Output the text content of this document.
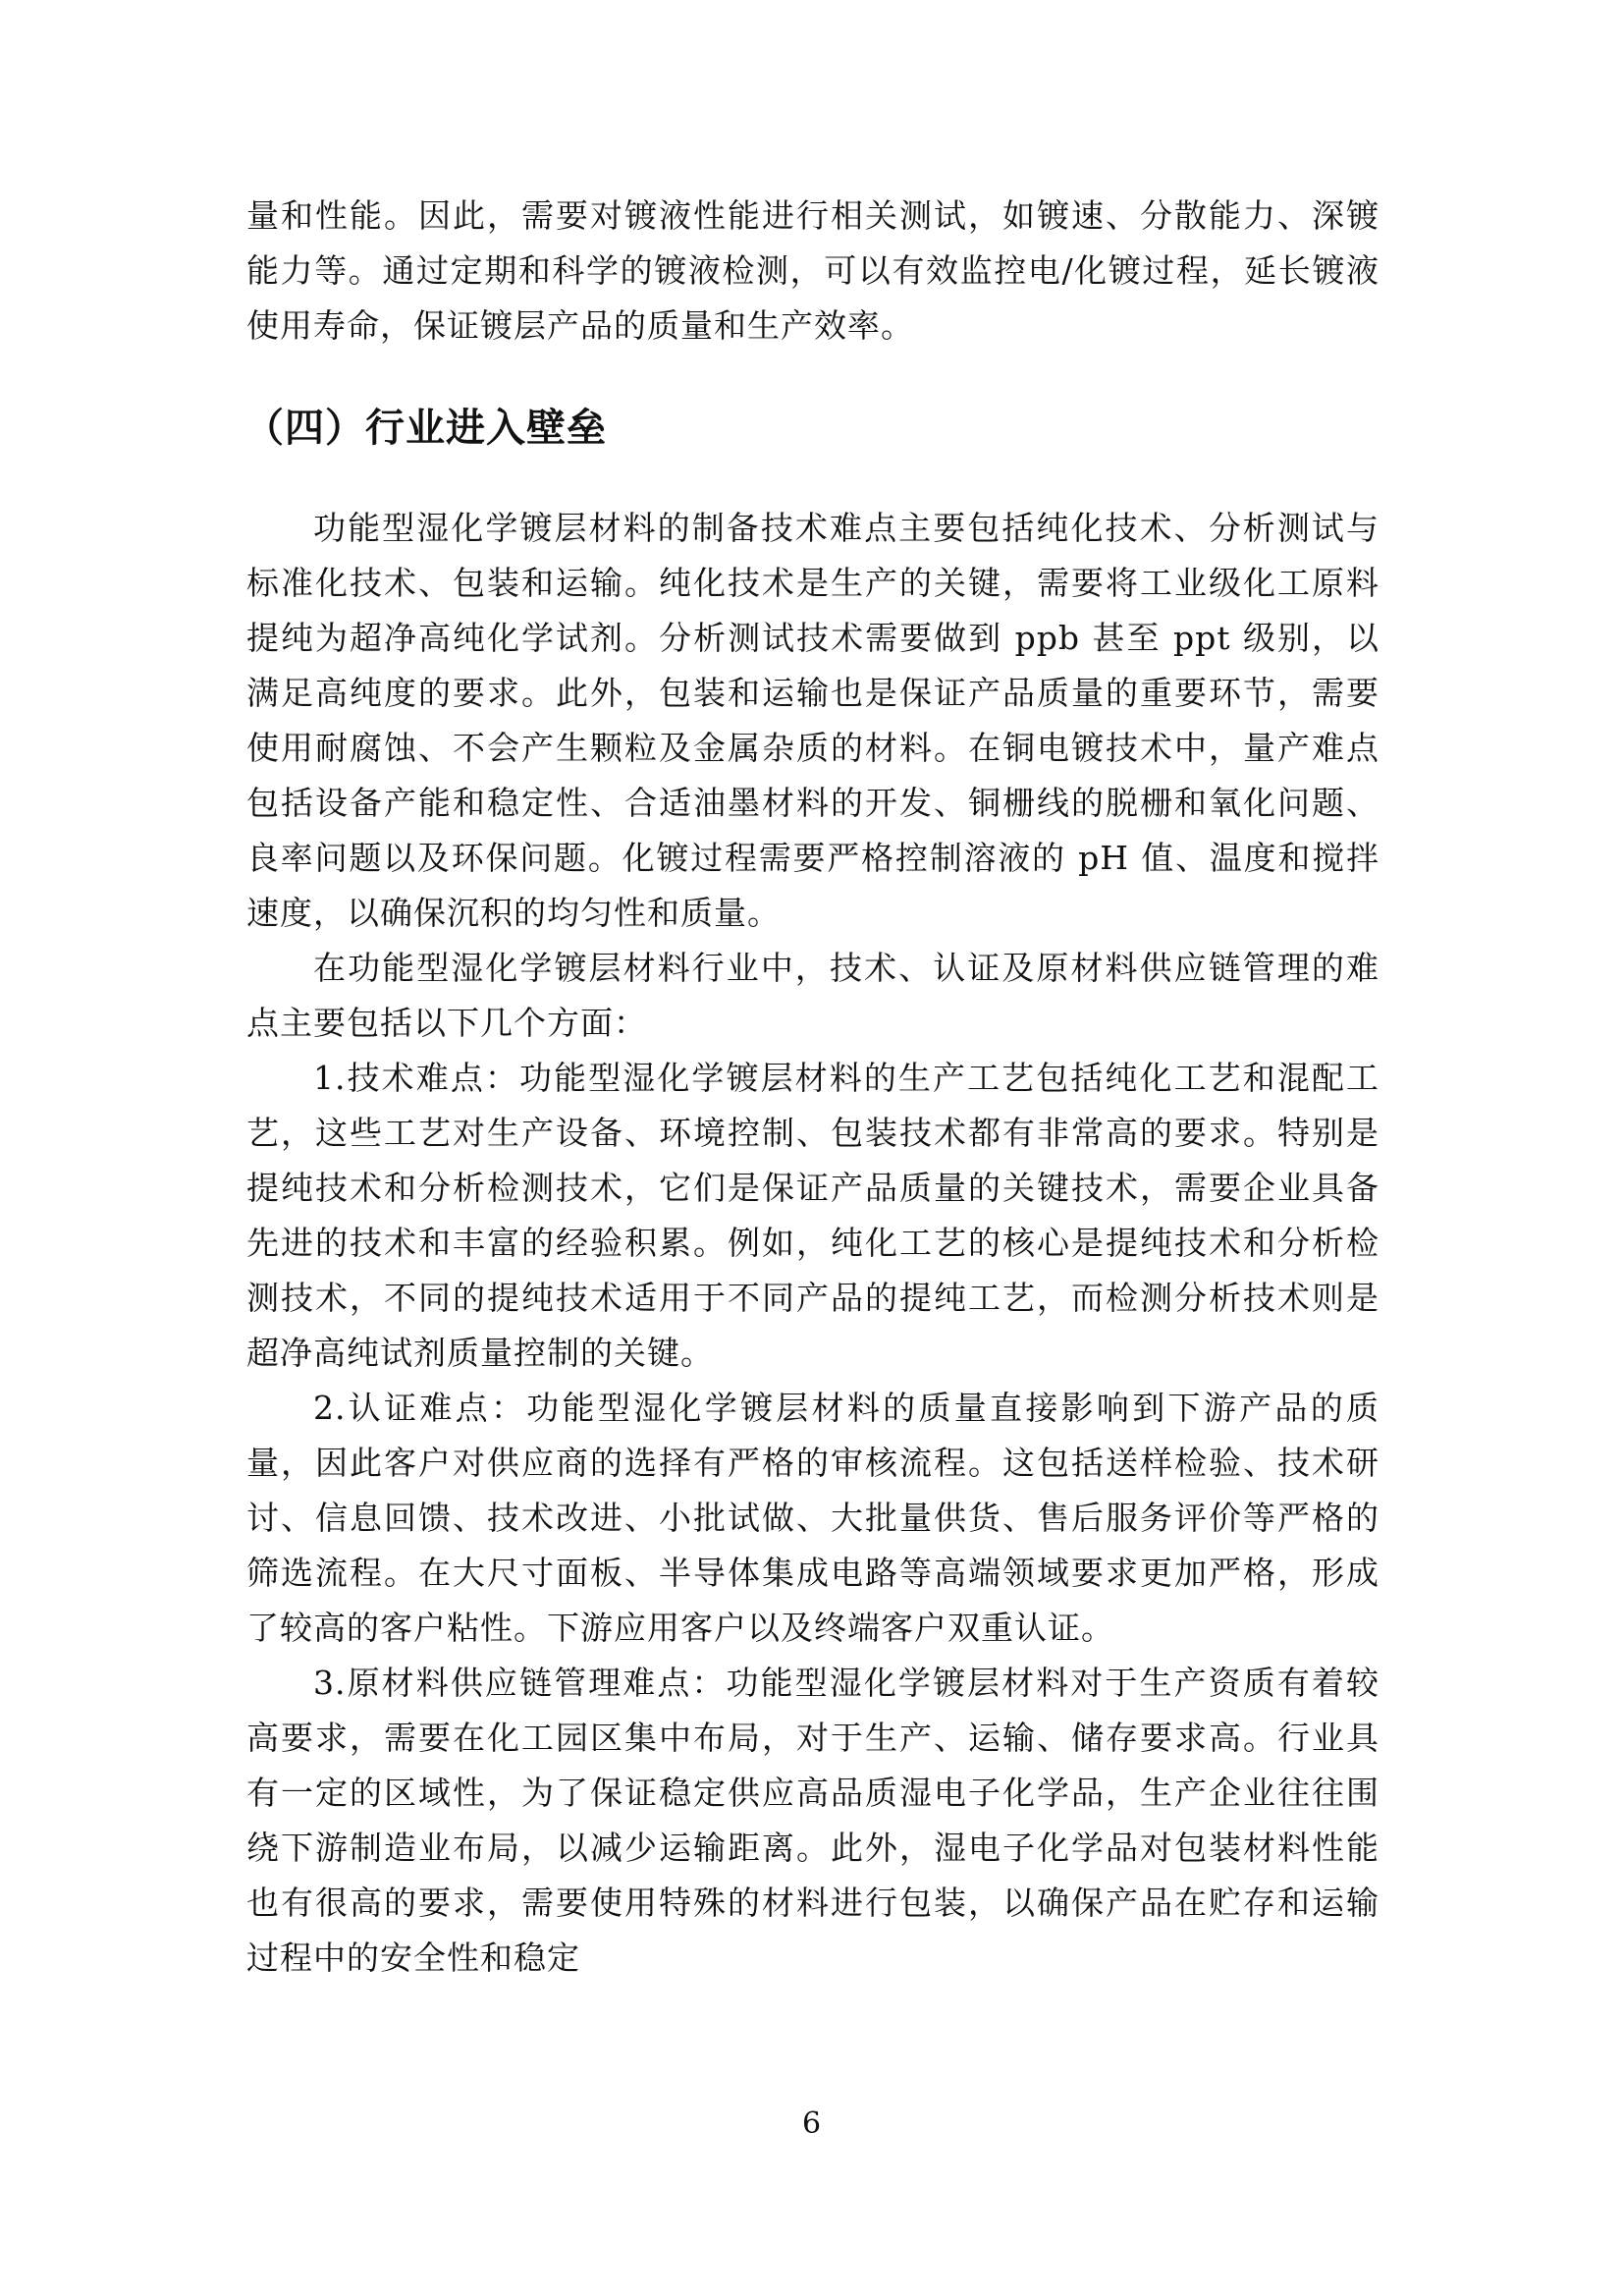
量和性能。因此，需要对镀液性能进行相关测试，如镀速、分散能力、深镀能力等。通过定期和科学的镀液检测，可以有效监控电/化镀过程，延长镀液使用寿命，保证镀层产品的质量和生产效率。

（四）行业进入壁垒

功能型湿化学镀层材料的制备技术难点主要包括纯化技术、分析测试与标准化技术、包装和运输。纯化技术是生产的关键，需要将工业级化工原料提纯为超净高纯化学试剂。分析测试技术需要做到 ppb 甚至 ppt 级别，以满足高纯度的要求。此外，包装和运输也是保证产品质量的重要环节，需要使用耐腐蚀、不会产生颗粒及金属杂质的材料。在铜电镀技术中，量产难点包括设备产能和稳定性、合适油墨材料的开发、铜栅线的脱栅和氧化问题、良率问题以及环保问题。化镀过程需要严格控制溶液的 pH 值、温度和搅拌速度，以确保沉积的均匀性和质量。

在功能型湿化学镀层材料行业中，技术、认证及原材料供应链管理的难点主要包括以下几个方面：

1.技术难点：功能型湿化学镀层材料的生产工艺包括纯化工艺和混配工艺，这些工艺对生产设备、环境控制、包装技术都有非常高的要求。特别是提纯技术和分析检测技术，它们是保证产品质量的关键技术，需要企业具备先进的技术和丰富的经验积累。例如，纯化工艺的核心是提纯技术和分析检测技术，不同的提纯技术适用于不同产品的提纯工艺，而检测分析技术则是超净高纯试剂质量控制的关键。

2.认证难点：功能型湿化学镀层材料的质量直接影响到下游产品的质量，因此客户对供应商的选择有严格的审核流程。这包括送样检验、技术研讨、信息回馈、技术改进、小批试做、大批量供货、售后服务评价等严格的筛选流程。在大尺寸面板、半导体集成电路等高端领域要求更加严格，形成了较高的客户粘性。下游应用客户以及终端客户双重认证。

3.原材料供应链管理难点：功能型湿化学镀层材料对于生产资质有着较高要求，需要在化工园区集中布局，对于生产、运输、储存要求高。行业具有一定的区域性，为了保证稳定供应高品质湿电子化学品，生产企业往往围绕下游制造业布局，以减少运输距离。此外，湿电子化学品对包装材料性能也有很高的要求，需要使用特殊的材料进行包装，以确保产品在贮存和运输过程中的安全性和稳定

6
